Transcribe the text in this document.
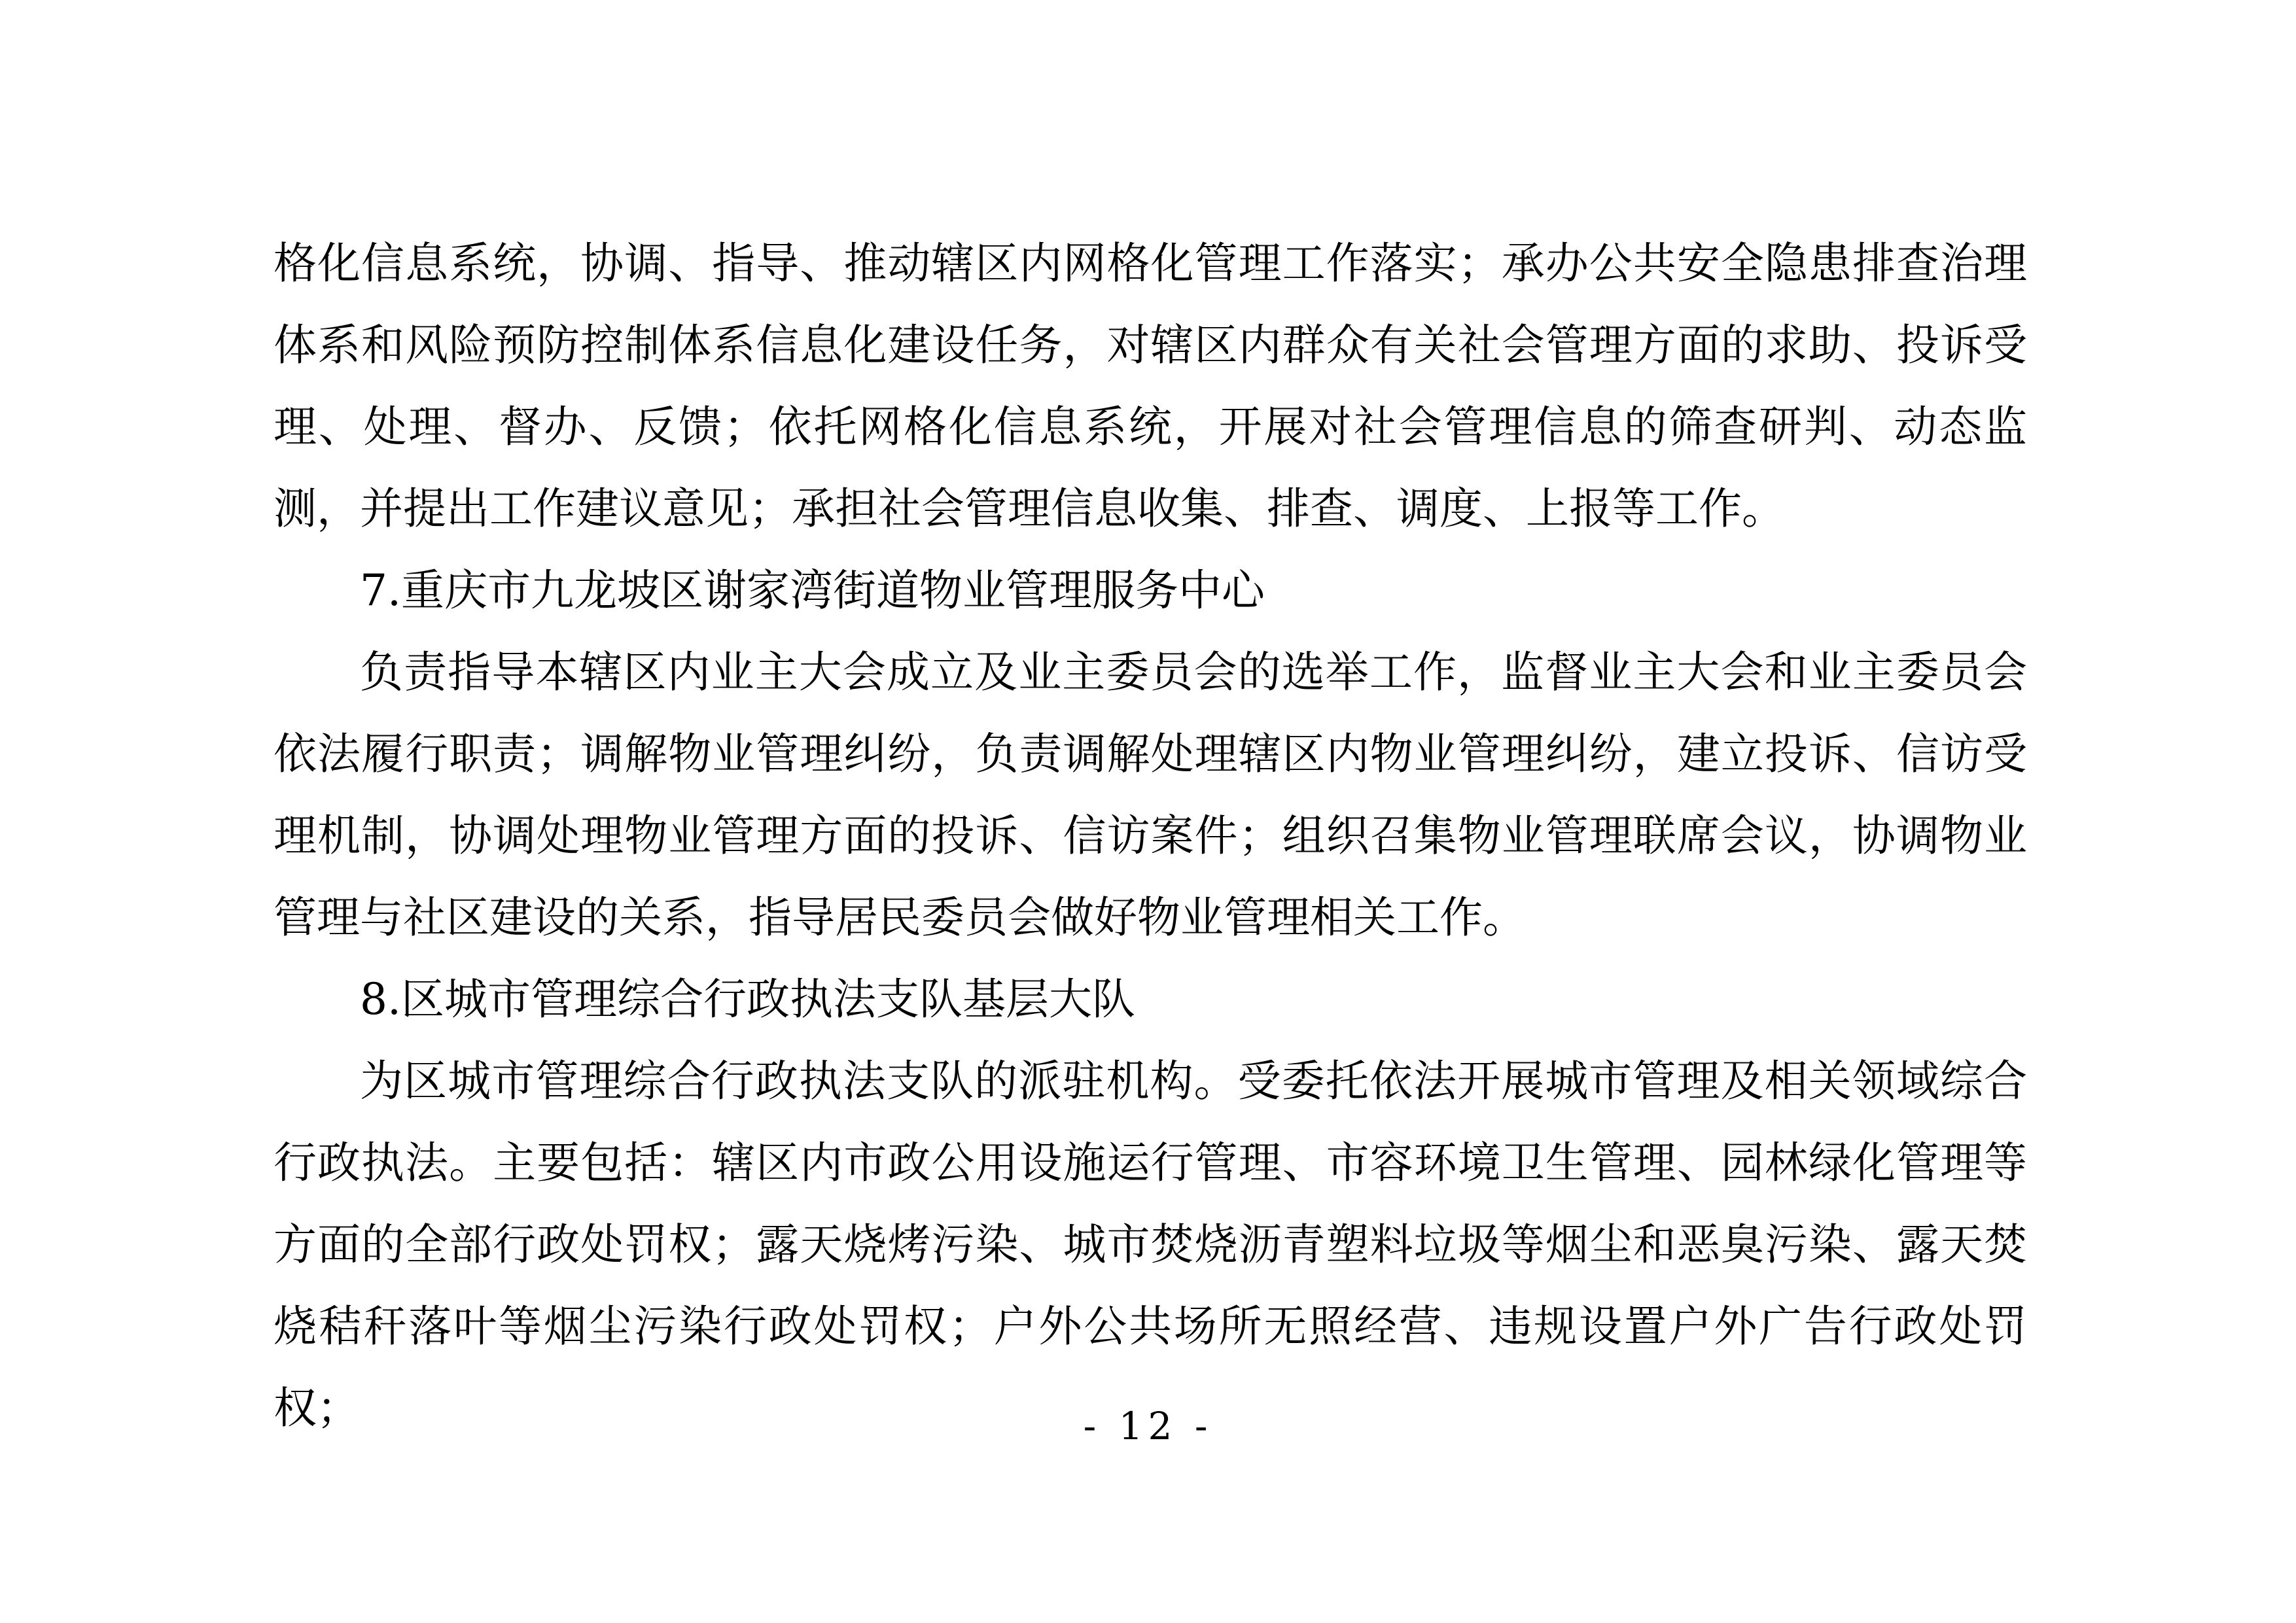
格化信息系统，协调、指导、推动辖区内网格化管理工作落实；承办公共安全隐患排查治理体系和风险预防控制体系信息化建设任务，对辖区内群众有关社会管理方面的求助、投诉受理、处理、督办、反馈；依托网格化信息系统，开展对社会管理信息的筛查研判、动态监测，并提出工作建议意见；承担社会管理信息收集、排查、调度、上报等工作。

7.重庆市九龙坡区谢家湾街道物业管理服务中心

负责指导本辖区内业主大会成立及业主委员会的选举工作，监督业主大会和业主委员会依法履行职责；调解物业管理纠纷，负责调解处理辖区内物业管理纠纷，建立投诉、信访受理机制，协调处理物业管理方面的投诉、信访案件；组织召集物业管理联席会议，协调物业管理与社区建设的关系，指导居民委员会做好物业管理相关工作。

8.区城市管理综合行政执法支队基层大队

为区城市管理综合行政执法支队的派驻机构。受委托依法开展城市管理及相关领域综合行政执法。主要包括：辖区内市政公用设施运行管理、市容环境卫生管理、园林绿化管理等方面的全部行政处罚权；露天烧烤污染、城市焚烧沥青塑料垃圾等烟尘和恶臭污染、露天焚烧秸秆落叶等烟尘污染行政处罚权；户外公共场所无照经营、违规设置户外广告行政处罚权；	- 12 -
